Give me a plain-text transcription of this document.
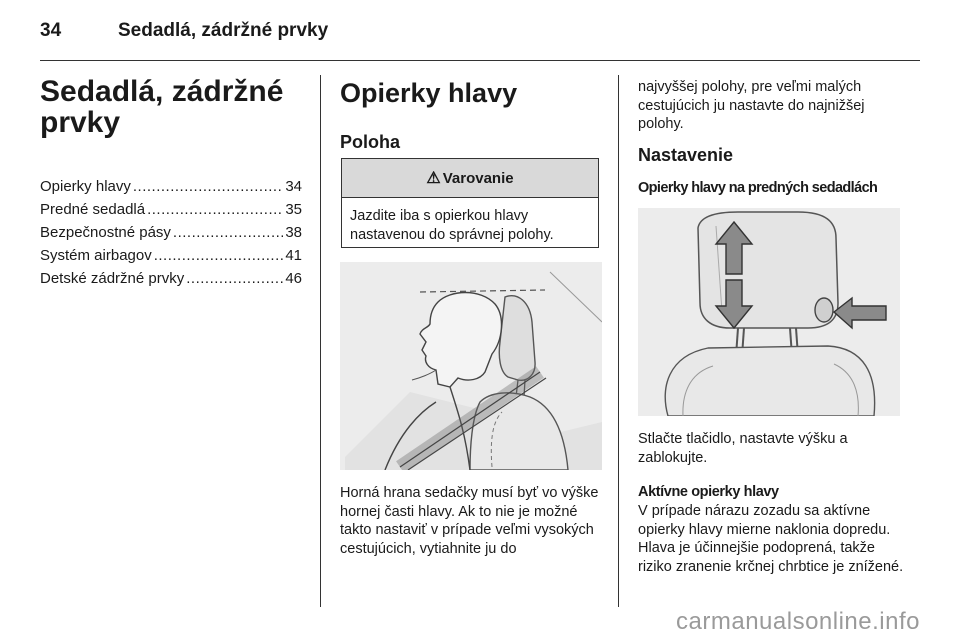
34	Sedadlá, zádržné prvky
Sedadlá, zádržné prvky
Opierky hlavy .....	34
Predné sedadlá .....	35
Bezpečnostné pásy .....	38
Systém airbagov .....	41
Detské zádržné prvky .....	46
Opierky hlavy
Poloha
⚠ Varovanie
Jazdite iba s opierkou hlavy nastavenou do správnej polohy.

Horná hrana sedačky musí byť vo výške hornej časti hlavy. Ak to nie je možné takto nastaviť v prípade veľmi vysokých cestujúcich, vytiahnite ju do

najvyššej polohy, pre veľmi malých cestujúcich ju nastavte do najnižšej polohy.

Nastavenie
Opierky hlavy na predných sedadlách

Stlačte tlačidlo, nastavte výšku a zablokujte.

Aktívne opierky hlavy

V prípade nárazu zozadu sa aktívne opierky hlavy mierne naklonia dopredu. Hlava je účinnejšie podoprená, takže riziko zranenie krčnej chrbtice je znížené.

carmanualsonline.info
